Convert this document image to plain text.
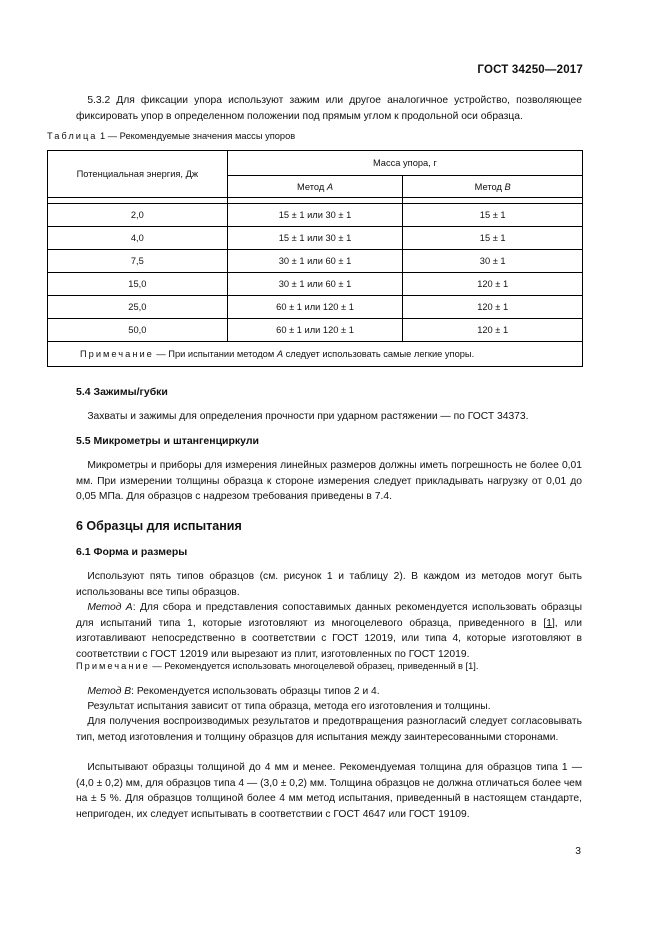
ГОСТ 34250—2017
5.3.2 Для фиксации упора используют зажим или другое аналогичное устройство, позволяющее фиксировать упор в определенном положении под прямым углом к продольной оси образца.
Таблица 1 — Рекомендуемые значения массы упоров
Потенциальная энергия, Дж	Масса упора, г	
	Метод A	Метод B

2,0	15 ± 1 или 30 ± 1	15 ± 1
4,0	15 ± 1 или 30 ± 1	15 ± 1
7,5	30 ± 1 или 60 ± 1	30 ± 1
15,0	30 ± 1 или 60 ± 1	120 ± 1
25,0	60 ± 1 или 120 ± 1	120 ± 1
50,0	60 ± 1 или 120 ± 1	120 ± 1
Примечание — При испытании методом А следует использовать самые легкие упоры.		
5.4 Зажимы/губки
Захваты и зажимы для определения прочности при ударном растяжении — по ГОСТ 34373.
5.5 Микрометры и штангенциркули
Микрометры и приборы для измерения линейных размеров должны иметь погрешность не более 0,01 мм. При измерении толщины образца к стороне измерения следует прикладывать нагрузку от 0,01 до 0,05 МПа. Для образцов с надрезом требования приведены в 7.4.
6 Образцы для испытания
6.1 Форма и размеры
Используют пять типов образцов (см. рисунок 1 и таблицу 2). В каждом из методов могут быть использованы все типы образцов.
Метод А: Для сбора и представления сопоставимых данных рекомендуется использовать образцы для испытаний типа 1, которые изготовляют из многоцелевого образца, приведенного в [1], или изготавливают непосредственно в соответствии с ГОСТ 12019, или типа 4, которые изготовляют в соответствии с ГОСТ 12019 или вырезают из плит, изготовленных по ГОСТ 12019.
Примечание — Рекомендуется использовать многоцелевой образец, приведенный в [1].
Метод В: Рекомендуется использовать образцы типов 2 и 4.
Результат испытания зависит от типа образца, метода его изготовления и толщины.
Для получения воспроизводимых результатов и предотвращения разногласий следует согласовывать тип, метод изготовления и толщину образцов для испытания между заинтересованными сторонами.
Испытывают образцы толщиной до 4 мм и менее. Рекомендуемая толщина для образцов типа 1 — (4,0 ± 0,2) мм, для образцов типа 4 — (3,0 ± 0,2) мм. Толщина образцов не должна отличаться более чем на ± 5 %. Для образцов толщиной более 4 мм метод испытания, приведенный в настоящем стандарте, непригоден, их следует испытывать в соответствии с ГОСТ 4647 или ГОСТ 19109.
3
